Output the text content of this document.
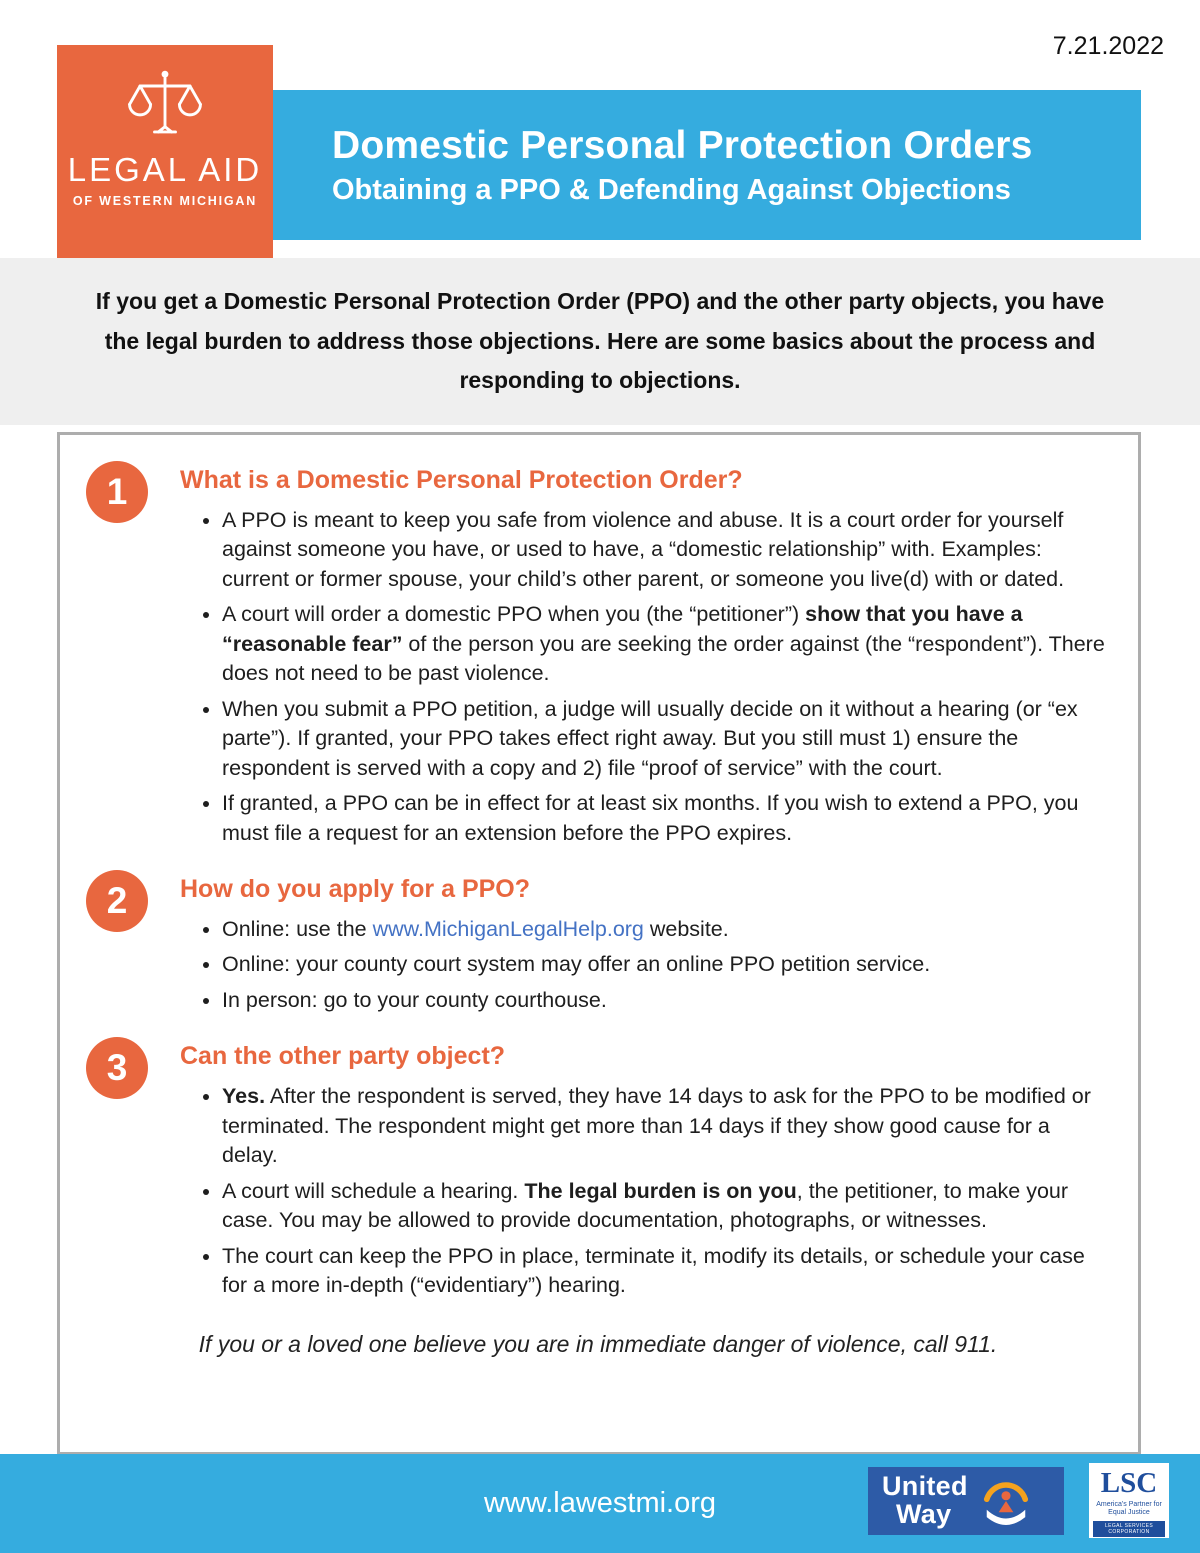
7.21.2022
Domestic Personal Protection Orders
Obtaining a PPO & Defending Against Objections
LEGAL AID
OF WESTERN MICHIGAN

If you get a Domestic Personal Protection Order (PPO) and the other party objects, you have the legal burden to address those objections. Here are some basics about the process and responding to objections.

1	What is a Domestic Personal Protection Order?
• A PPO is meant to keep you safe from violence and abuse. It is a court order for yourself against someone you have, or used to have, a “domestic relationship” with. Examples: current or former spouse, your child’s other parent, or someone you live(d) with or dated.
• A court will order a domestic PPO when you (the “petitioner”) show that you have a “reasonable fear” of the person you are seeking the order against (the “respondent”). There does not need to be past violence.
• When you submit a PPO petition, a judge will usually decide on it without a hearing (or “ex parte”). If granted, your PPO takes effect right away. But you still must 1) ensure the respondent is served with a copy and 2) file “proof of service” with the court.
• If granted, a PPO can be in effect for at least six months. If you wish to extend a PPO, you must file a request for an extension before the PPO expires.
2	How do you apply for a PPO?
• Online: use the www.MichiganLegalHelp.org website.
• Online: your county court system may offer an online PPO petition service.
• In person: go to your county courthouse.
3	Can the other party object?
• Yes. After the respondent is served, they have 14 days to ask for the PPO to be modified or terminated. The respondent might get more than 14 days if they show good cause for a delay.
• A court will schedule a hearing. The legal burden is on you, the petitioner, to make your case. You may be allowed to provide documentation, photographs, or witnesses.
• The court can keep the PPO in place, terminate it, modify its details, or schedule your case for a more in-depth (“evidentiary”) hearing.

If you or a loved one believe you are in immediate danger of violence, call 911.

www.lawestmi.org
United
Way
LSC
America’s Partner for Equal Justice
LEGAL SERVICES CORPORATION
